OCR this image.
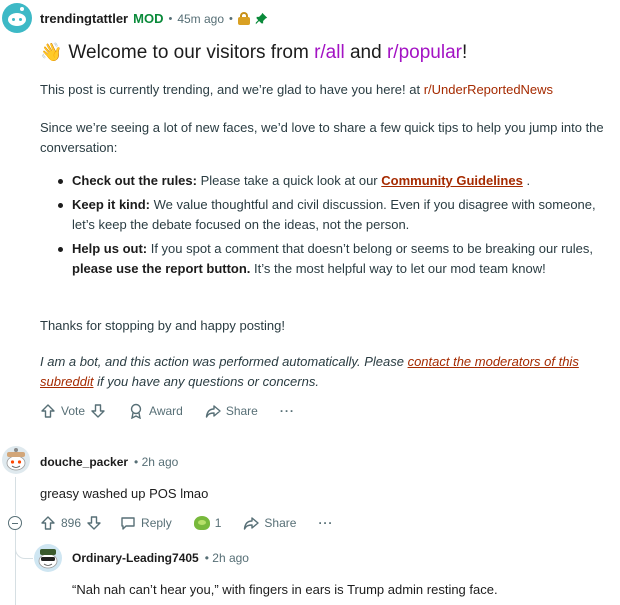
trendingtattler MOD • 45m ago •
👋 Welcome to our visitors from r/all and r/popular!
This post is currently trending, and we’re glad to have you here! at r/UnderReportedNews
Since we’re seeing a lot of new faces, we’d love to share a few quick tips to help you jump into the conversation:
Check out the rules: Please take a quick look at our Community Guidelines .
Keep it kind: We value thoughtful and civil discussion. Even if you disagree with someone, let’s keep the debate focused on the ideas, not the person.
Help us out: If you spot a comment that doesn’t belong or seems to be breaking our rules, please use the report button. It’s the most helpful way to let our mod team know!
Thanks for stopping by and happy posting!
I am a bot, and this action was performed automatically. Please contact the moderators of this subreddit if you have any questions or concerns.
Vote	Award	Share ···
douche_packer • 2h ago
greasy washed up POS lmao
896	Reply	1	Share ···
Ordinary-Leading7405 • 2h ago
“Nah nah can’t hear you,” with fingers in ears is Trump admin resting face.
